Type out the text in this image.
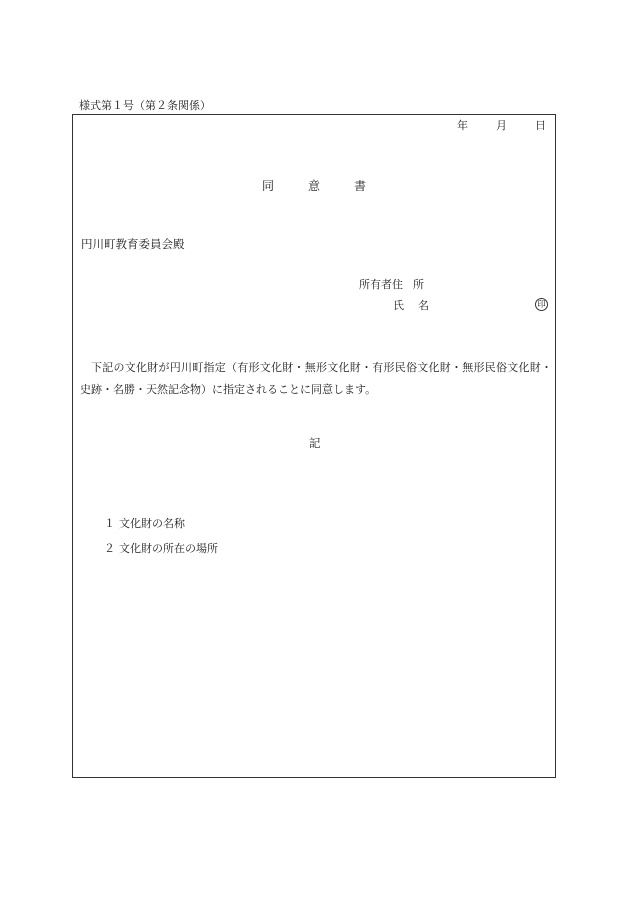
様式第１号（第２条関係）
年	月	日
同	意	書
円川町教育委員会殿
所有者住 所
氏 名	印
下記の文化財が円川町指定（有形文化財・無形文化財・有形民俗文化財・無形民俗文化財・史跡・名勝・天然記念物）に指定されることに同意します。
記
１ 文化財の名称
２ 文化財の所在の場所
